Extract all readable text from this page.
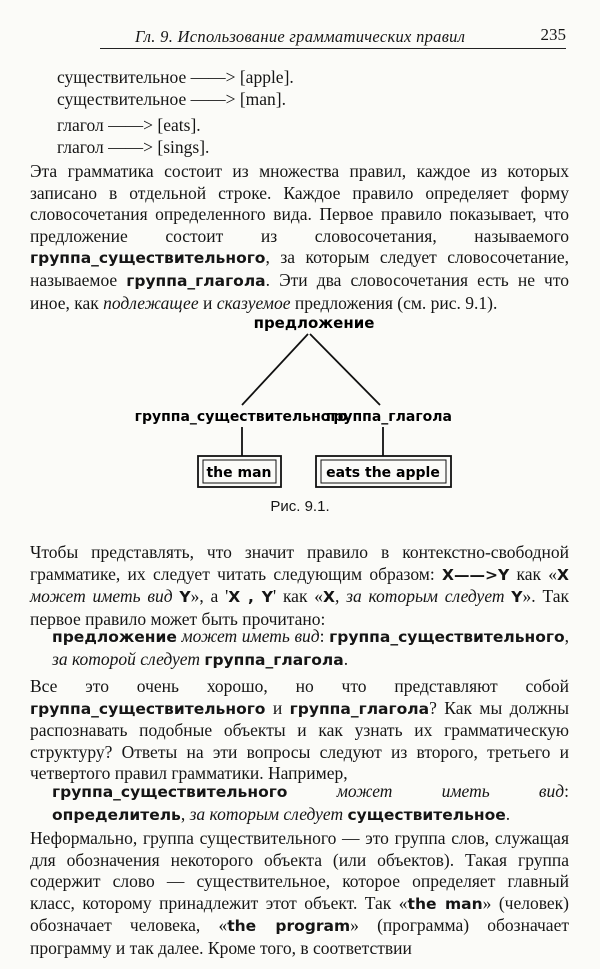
Гл. 9. Использование грамматических правил	235
существительное ——> [apple].
существительное ——> [man].
глагол ——> [eats].
глагол ——> [sings].
Эта грамматика состоит из множества правил, каждое из которых записано в отдельной строке. Каждое правило определяет форму словосочетания определенного вида. Первое правило показывает, что предложение состоит из словосочетания, называемого группа_существительного, за которым следует словосочетание, называемое группа_глагола. Эти два словосочетания есть не что иное, как подлежащее и сказуемое предложения (см. рис. 9.1).
предложение
группа_существительного
группа_глагола
the man	eats the apple
Рис. 9.1.
Чтобы представлять, что значит правило в контекстно-свободной грамматике, их следует читать следующим образом: X——>Y как «X может иметь вид Y», а 'X , Y' как «X, за которым следует Y». Так первое правило может быть прочитано:
предложение может иметь вид: группа_существительного, за которой следует группа_глагола.
Все это очень хорошо, но что представляют собой группа_существительного и группа_глагола? Как мы должны распознавать подобные объекты и как узнать их грамматическую структуру? Ответы на эти вопросы следуют из второго, третьего и четвертого правил грамматики. Например,
группа_существительного может иметь вид: определитель, за которым следует существительное.
Неформально, группа существительного — это группа слов, служащая для обозначения некоторого объекта (или объектов). Такая группа содержит слово — существительное, которое определяет главный класс, которому принадлежит этот объект. Так «the man» (человек) обозначает человека, «the program» (программа) обозначает программу и так далее. Кроме того, в соответствии
